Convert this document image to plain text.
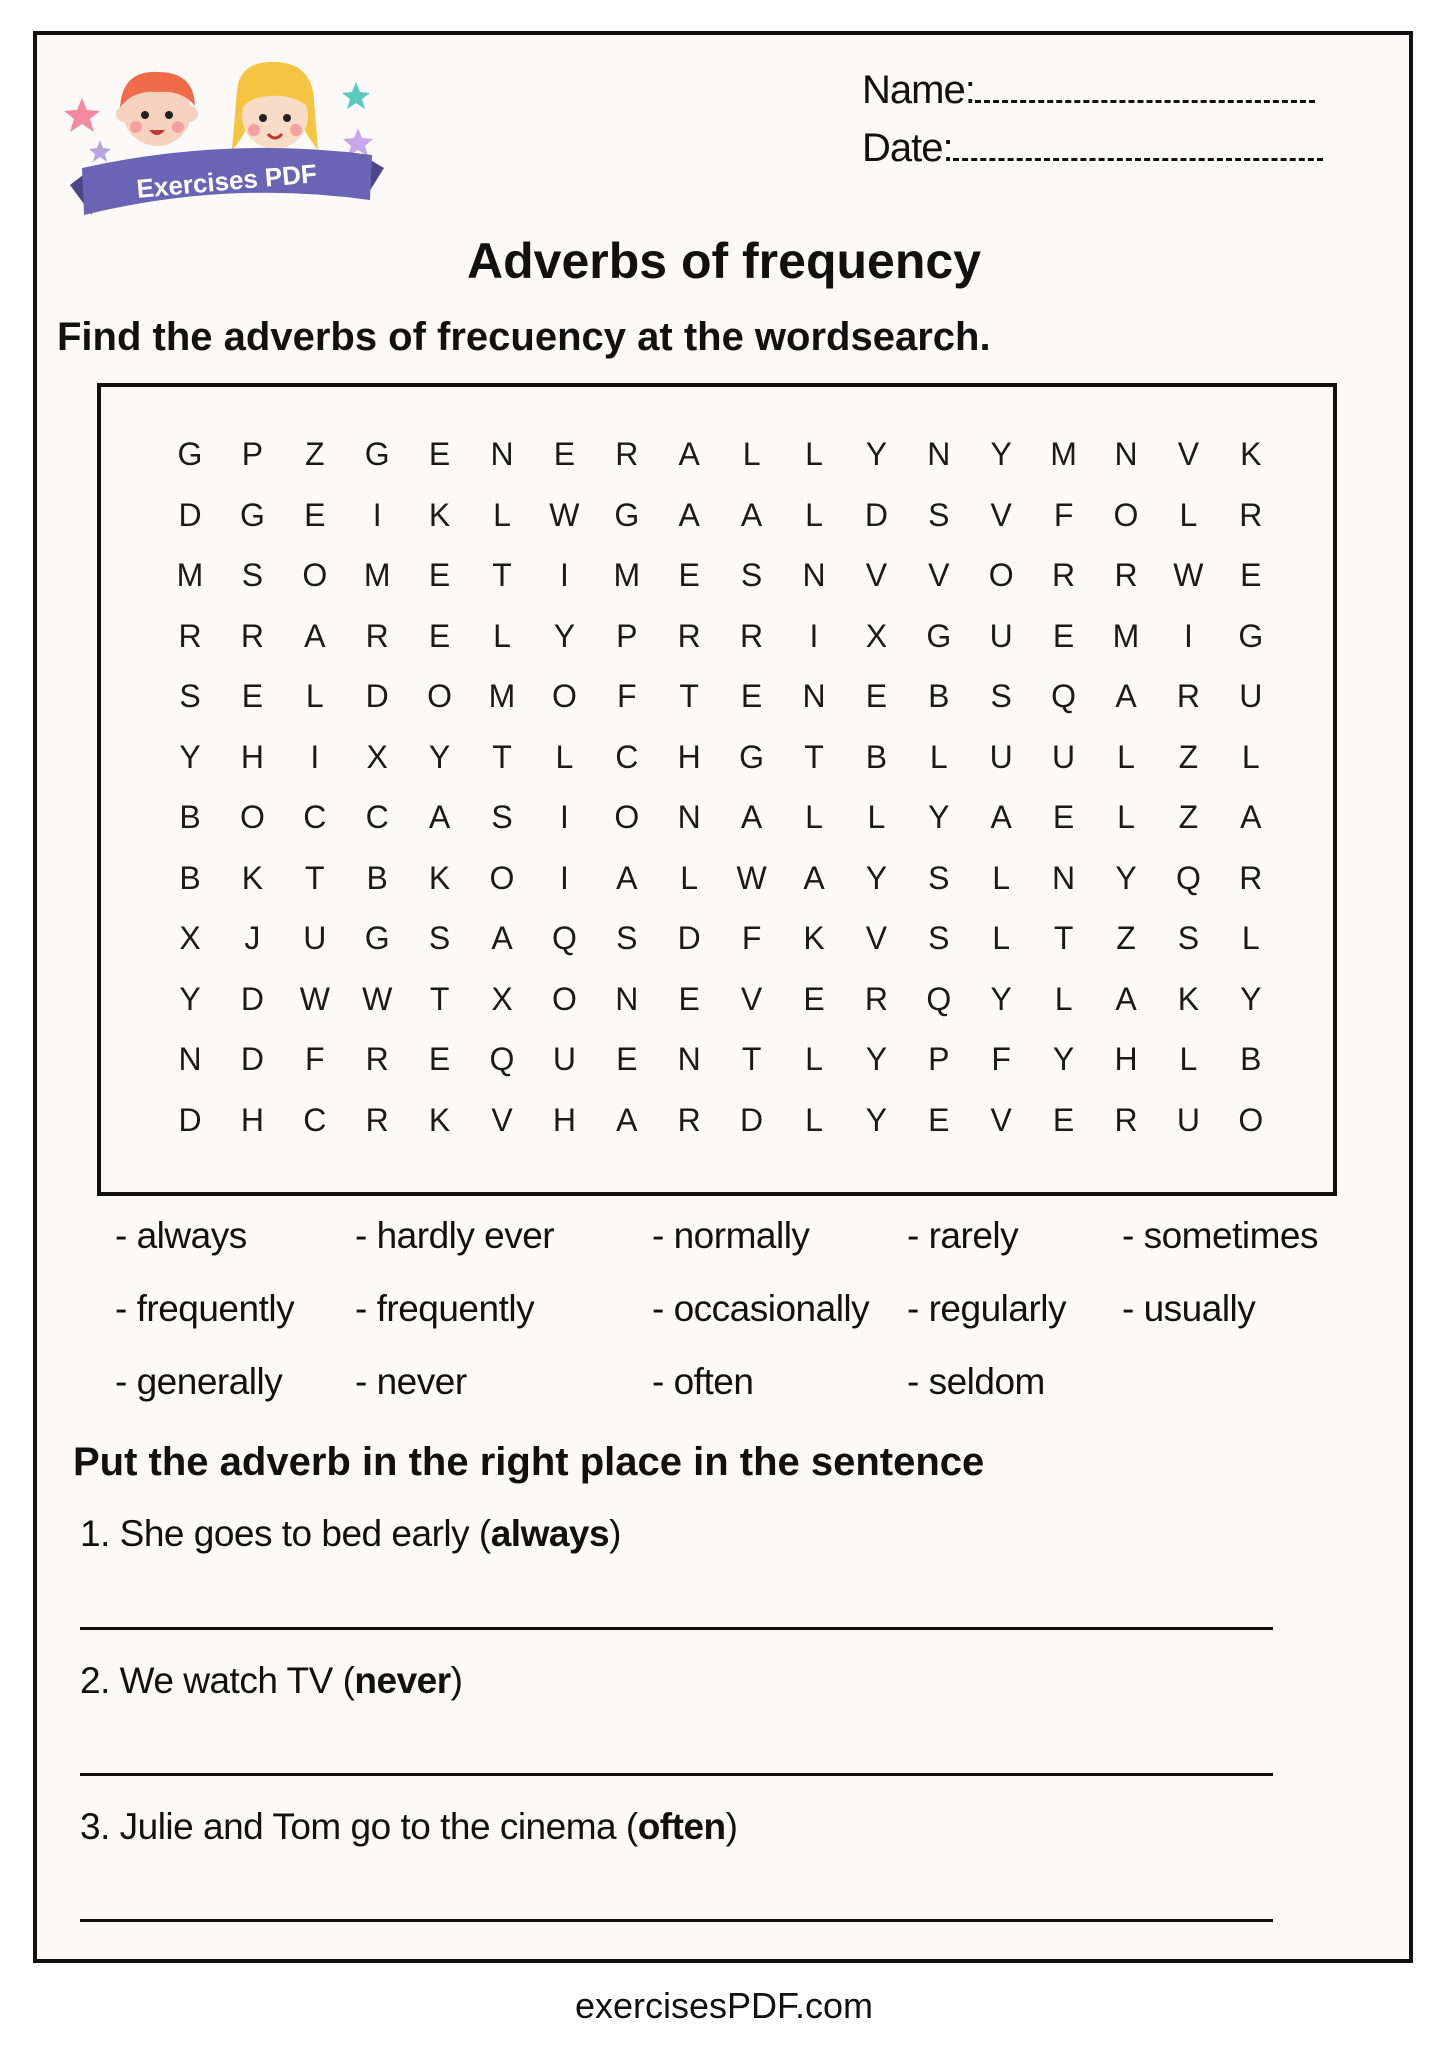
Exercises PDF
Name:
Date:
Adverbs of frequency
Find the adverbs of frecuency at the wordsearch.
G	P	Z	G	E	N	E	R	A	L	L	Y	N	Y	M	N	V	K
D	G	E	I	K	L	W	G	A	A	L	D	S	V	F	O	L	R
M	S	O	M	E	T	I	M	E	S	N	V	V	O	R	R	W	E
R	R	A	R	E	L	Y	P	R	R	I	X	G	U	E	M	I	G
S	E	L	D	O	M	O	F	T	E	N	E	B	S	Q	A	R	U
Y	H	I	X	Y	T	L	C	H	G	T	B	L	U	U	L	Z	L
B	O	C	C	A	S	I	O	N	A	L	L	Y	A	E	L	Z	A
B	K	T	B	K	O	I	A	L	W	A	Y	S	L	N	Y	Q	R
X	J	U	G	S	A	Q	S	D	F	K	V	S	L	T	Z	S	L
Y	D	W	W	T	X	O	N	E	V	E	R	Q	Y	L	A	K	Y
N	D	F	R	E	Q	U	E	N	T	L	Y	P	F	Y	H	L	B
D	H	C	R	K	V	H	A	R	D	L	Y	E	V	E	R	U	O
- always	- hardly ever	- normally	- rarely	- sometimes
- frequently - frequently	- occasionally - regularly - usually
- generally - never	- often	- seldom
Put the adverb in the right place in the sentence
1. She goes to bed early (always)
2. We watch TV (never)
3. Julie and Tom go to the cinema (often)
exercisesPDF.com
